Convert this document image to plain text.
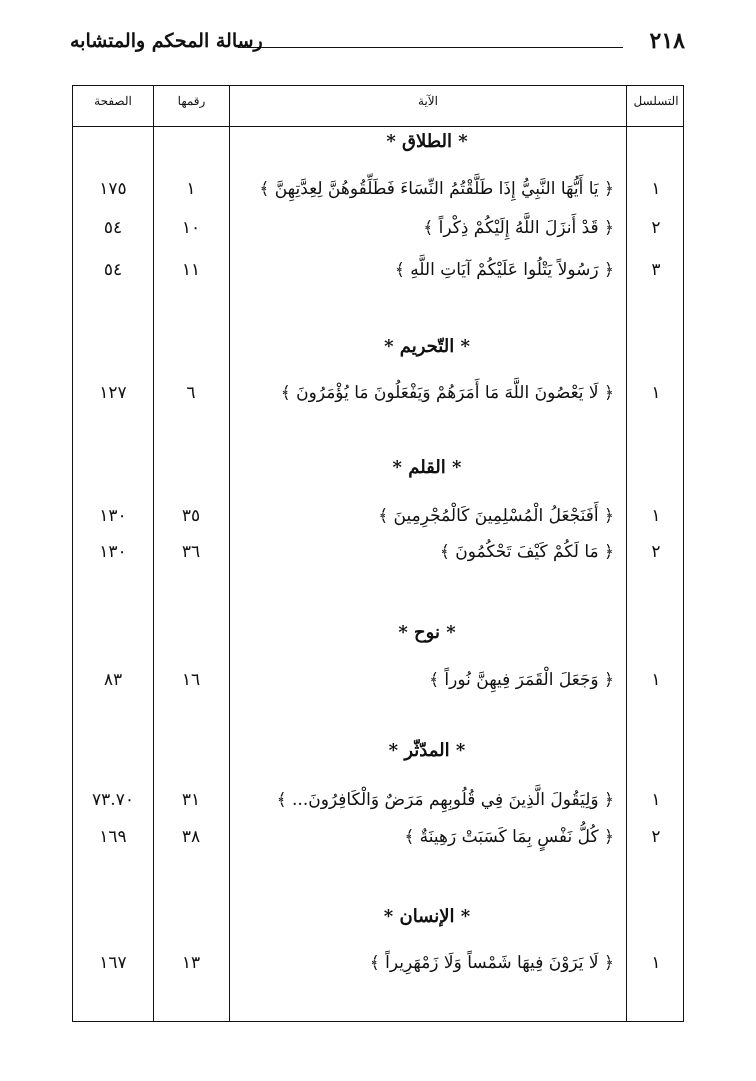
٢١٨
رسالة المحكم والمتشابه
التسلسل
الآية
رقمها
الصفحة
* الطلاق *
١
﴿ يَا أَيُّهَا النَّبِيُّ إِذَا طَلَّقْتُمُ النِّسَاءَ فَطَلِّقُوهُنَّ لِعِدَّتِهِنَّ ﴾
١
١٧٥
٢
﴿ قَدْ أَنزَلَ اللَّهُ إِلَيْكُمْ ذِكْراً ﴾
١٠
٥٤
٣
﴿ رَسُولاً يَتْلُوا عَلَيْكُمْ آيَاتِ اللَّهِ ﴾
١١
٥٤
* التّحريم *
١
﴿ لَا يَعْصُونَ اللَّهَ مَا أَمَرَهُمْ وَيَفْعَلُونَ مَا يُؤْمَرُونَ ﴾
٦
١٢٧
* القلم *
١
﴿ أَفَنَجْعَلُ الْمُسْلِمِينَ كَالْمُجْرِمِينَ ﴾
٣٥
١٣٠
٢
﴿ مَا لَكُمْ كَيْفَ تَحْكُمُونَ ﴾
٣٦
١٣٠
* نوح *
١
﴿ وَجَعَلَ الْقَمَرَ فِيهِنَّ نُوراً ﴾
١٦
٨٣
* المدّثّر *
١
﴿ وَلِيَقُولَ الَّذِينَ فِي قُلُوبِهِم مَرَضٌ وَالْكَافِرُونَ... ﴾
٣١
٧٣.٧٠
٢
﴿ كُلُّ نَفْسٍ بِمَا كَسَبَتْ رَهِينَةٌ ﴾
٣٨
١٦٩
* الإنسان *
١
﴿ لَا يَرَوْنَ فِيهَا شَمْساً وَلَا زَمْهَرِيراً ﴾
١٣
١٦٧
